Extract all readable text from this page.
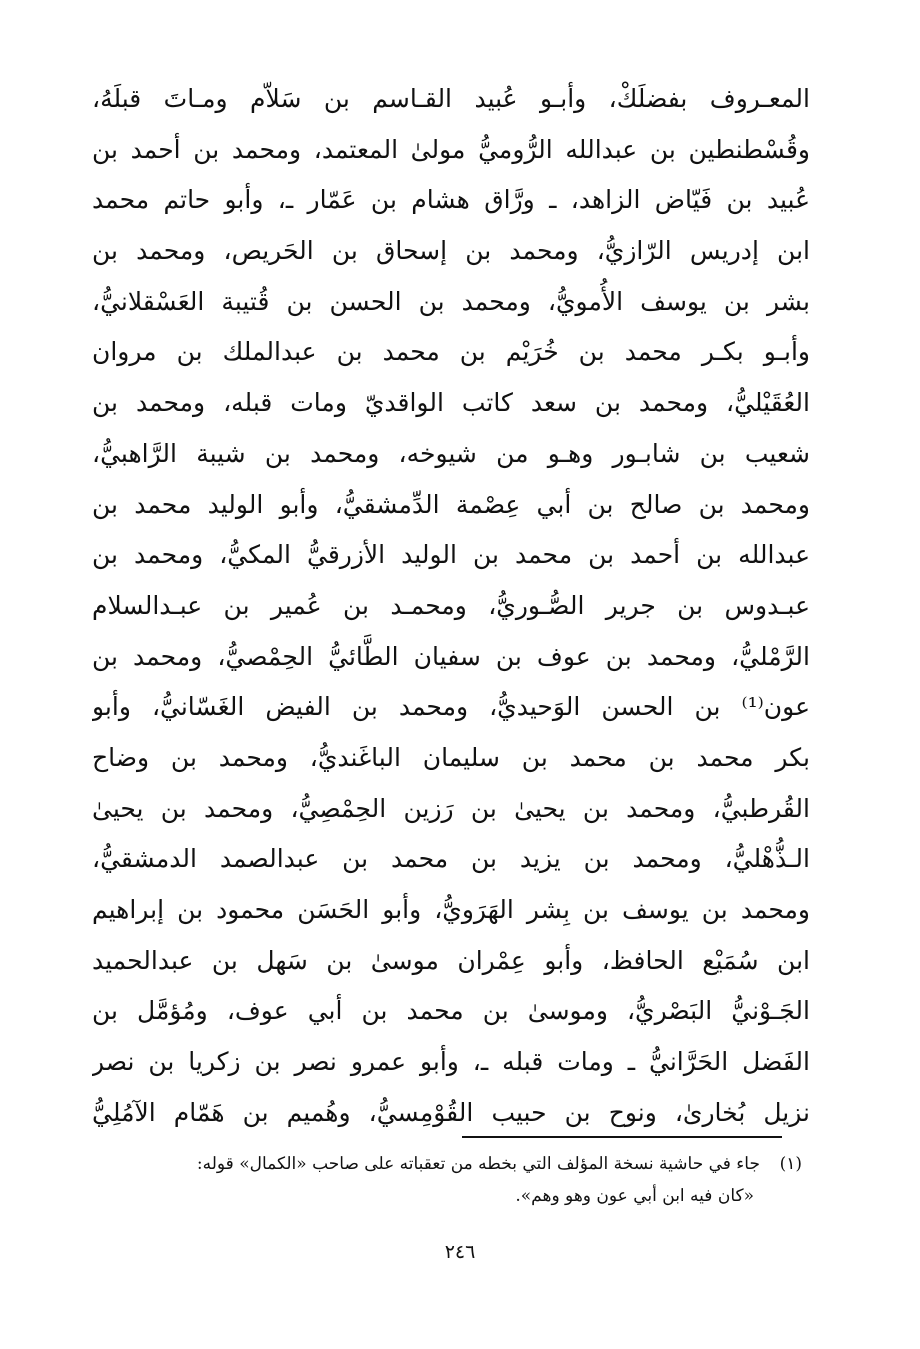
المعـروف بفضلَكْ، وأبـو عُبيد القـاسم بن سَلاّم ومـاتَ قبلَهُ،
وقُسْطنطين بن عبدالله الرُّوميُّ مولىٰ المعتمد، ومحمد بن أحمد بن
عُبيد بن فَيّاض الزاهد، ـ ورَّاق هشام بن عَمّار ـ، وأبو حاتم محمد
ابن إدريس الرّازيُّ، ومحمد بن إسحاق بن الحَريص، ومحمد بن
بشر بن يوسف الأُمويُّ، ومحمد بن الحسن بن قُتيبة العَسْقلانيُّ،
وأبـو بكـر محمد بن خُرَيْم بن محمد بن عبدالملك بن مروان
العُقَيْليُّ، ومحمد بن سعد كاتب الواقديّ ومات قبله، ومحمد بن
شعيب بن شابـور وهـو من شيوخه، ومحمد بن شيبة الرَّاهبيُّ،
ومحمد بن صالح بن أبي عِصْمة الدِّمشقيُّ، وأبو الوليد محمد بن
عبدالله بن أحمد بن محمد بن الوليد الأزرقيُّ المكيُّ، ومحمد بن
عبـدوس بن جرير الصُّـوريُّ، ومحمـد بن عُمير بن عبـدالسلام
الرَّمْليُّ، ومحمد بن عوف بن سفيان الطَّائيُّ الحِمْصيُّ، ومحمد بن
عون⁽¹⁾ بن الحسن الوَحيديُّ، ومحمد بن الفيض الغَسّانيُّ، وأبو
بكر محمد بن محمد بن سليمان الباغَنديُّ، ومحمد بن وضاح
القُرطبيُّ، ومحمد بن يحيىٰ بن رَزين الحِمْصِيُّ، ومحمد بن يحيىٰ
الـذُّهْليُّ، ومحمد بن يزيد بن محمد بن عبدالصمد الدمشقيُّ،
ومحمد بن يوسف بن بِشر الهَرَويُّ، وأبو الحَسَن محمود بن إبراهيم
ابن سُمَيْع الحافظ، وأبو عِمْران موسىٰ بن سَهل بن عبدالحميد
الجَـوْنيُّ البَصْريُّ، وموسىٰ بن محمد بن أبي عوف، ومُؤمَّل بن
الفَضل الحَرَّانيُّ ـ ومات قبله ـ، وأبو عمرو نصر بن زكريا بن نصر
نزيل بُخارىٰ، ونوح بن حبيب القُوْمِسيُّ، وهُميم بن هَمّام الآمُلِيُّ
(١)جاء في حاشية نسخة المؤلف التي بخطه من تعقباته على صاحب «الكمال» قوله:
«كان فيه ابن أبي عون وهو وهم».
٢٤٦
